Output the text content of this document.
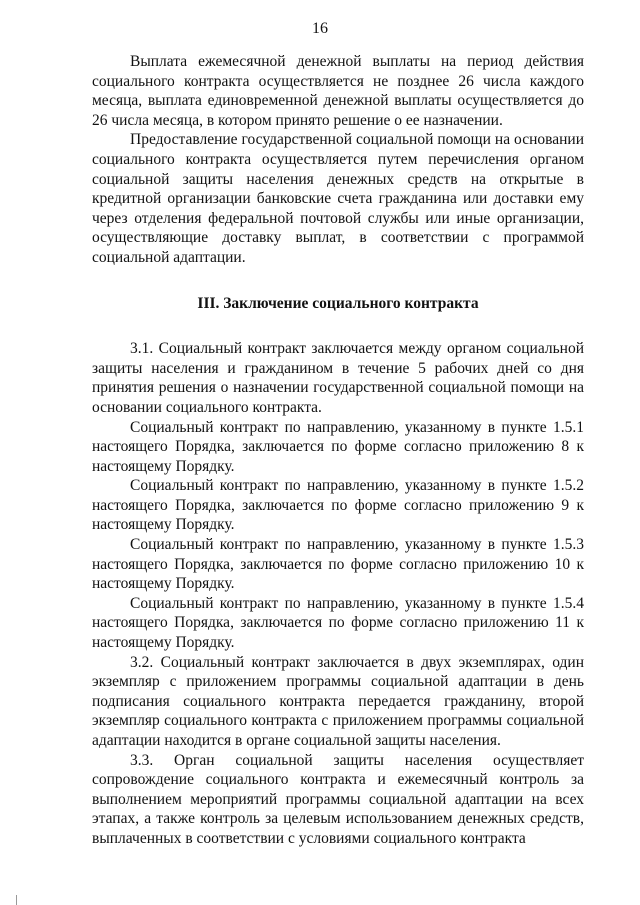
16

Выплата ежемесячной денежной выплаты на период действия социального контракта осуществляется не позднее 26 числа каждого месяца, выплата единовременной денежной выплаты осуществляется до 26 числа месяца, в котором принято решение о ее назначении.

Предоставление государственной социальной помощи на основании социального контракта осуществляется путем перечисления органом социальной защиты населения денежных средств на открытые в кредитной организации банковские счета гражданина или доставки ему через отделения федеральной почтовой службы или иные организации, осуществляющие доставку выплат, в соответствии с программой социальной адаптации.

III. Заключение социального контракта

3.1. Социальный контракт заключается между органом социальной защиты населения и гражданином в течение 5 рабочих дней со дня принятия решения о назначении государственной социальной помощи на основании социального контракта.

Социальный контракт по направлению, указанному в пункте 1.5.1 настоящего Порядка, заключается по форме согласно приложению 8 к настоящему Порядку.

Социальный контракт по направлению, указанному в пункте 1.5.2 настоящего Порядка, заключается по форме согласно приложению 9 к настоящему Порядку.

Социальный контракт по направлению, указанному в пункте 1.5.3 настоящего Порядка, заключается по форме согласно приложению 10 к настоящему Порядку.

Социальный контракт по направлению, указанному в пункте 1.5.4 настоящего Порядка, заключается по форме согласно приложению 11 к настоящему Порядку.

3.2. Социальный контракт заключается в двух экземплярах, один экземпляр с приложением программы социальной адаптации в день подписания социального контракта передается гражданину, второй экземпляр социального контракта с приложением программы социальной адаптации находится в органе социальной защиты населения.

3.3. Орган социальной защиты населения осуществляет сопровождение социального контракта и ежемесячный контроль за выполнением мероприятий программы социальной адаптации на всех этапах, а также контроль за целевым использованием денежных средств, выплаченных в соответствии с условиями социального контракта
